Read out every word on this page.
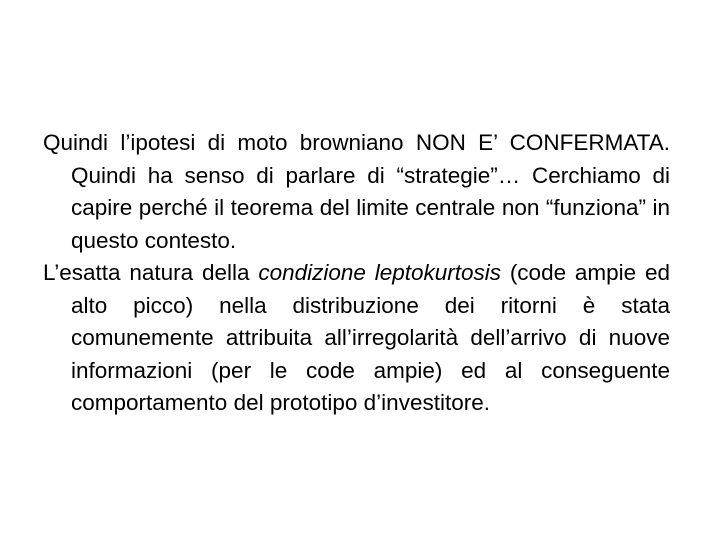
Quindi l’ipotesi di moto browniano NON E’ CONFERMATA. Quindi ha senso di parlare di “strategie”… Cerchiamo di capire perché il teorema del limite centrale non “funziona” in questo contesto.

L’esatta natura della condizione leptokurtosis (code ampie ed alto picco) nella distribuzione dei ritorni è stata comunemente attribuita all’irregolarità dell’arrivo di nuove informazioni (per le code ampie) ed al conseguente comportamento del prototipo d’investitore.
